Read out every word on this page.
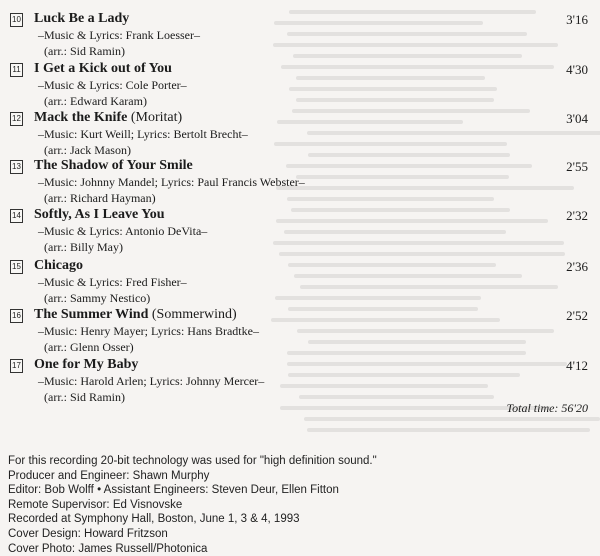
10 Luck Be a Lady	3'16
–Music & Lyrics: Frank Loesser–
(arr.: Sid Ramin)
11 I Get a Kick out of You	4'30
–Music & Lyrics: Cole Porter–
(arr.: Edward Karam)
12 Mack the Knife (Moritat)	3'04
–Music: Kurt Weill; Lyrics: Bertolt Brecht–
(arr.: Jack Mason)
13 The Shadow of Your Smile	2'55
–Music: Johnny Mandel; Lyrics: Paul Francis Webster–
(arr.: Richard Hayman)
14 Softly, As I Leave You	2'32
–Music & Lyrics: Antonio DeVita–
(arr.: Billy May)
15 Chicago	2'36
–Music & Lyrics: Fred Fisher–
(arr.: Sammy Nestico)
16 The Summer Wind (Sommerwind)	2'52
–Music: Henry Mayer; Lyrics: Hans Bradtke–
(arr.: Glenn Osser)
17 One for My Baby	4'12
–Music: Harold Arlen; Lyrics: Johnny Mercer–
(arr.: Sid Ramin)
Total time: 56'20
For this recording 20-bit technology was used for "high definition sound."
Producer and Engineer: Shawn Murphy
Editor: Bob Wolff • Assistant Engineers: Steven Deur, Ellen Fitton
Remote Supervisor: Ed Visnovske
Recorded at Symphony Hall, Boston, June 1, 3 & 4, 1993
Cover Design: Howard Fritzson
Cover Photo: James Russell/Photonica
